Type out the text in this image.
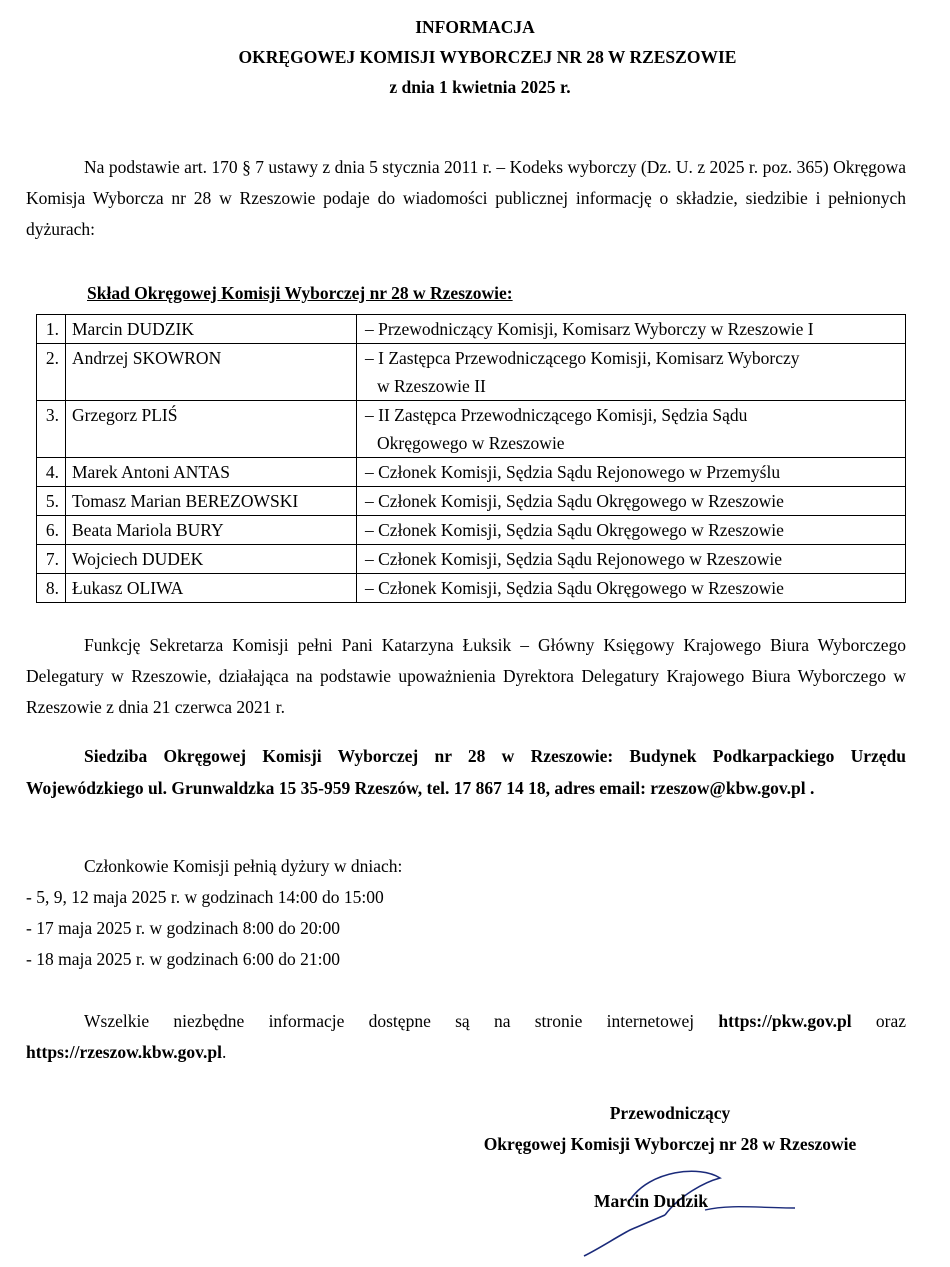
INFORMACJA
OKRĘGOWEJ KOMISJI WYBORCZEJ NR 28 W RZESZOWIE
z dnia 1 kwietnia 2025 r.
Na podstawie art. 170 § 7 ustawy z dnia 5 stycznia 2011 r. – Kodeks wyborczy (Dz. U. z 2025 r. poz. 365) Okręgowa Komisja Wyborcza nr 28 w Rzeszowie podaje do wiadomości publicznej informację o składzie, siedzibie i pełnionych dyżurach:
Skład Okręgowej Komisji Wyborczej nr 28 w Rzeszowie:
1.	Marcin DUDZIK	– Przewodniczący Komisji, Komisarz Wyborczy w Rzeszowie I
2.	Andrzej SKOWRON	– I Zastępca Przewodniczącego Komisji, Komisarz Wyborczy
w Rzeszowie II

3.	Grzegorz PLIŚ	– II Zastępca Przewodniczącego Komisji, Sędzia Sądu
Okręgowego w Rzeszowie

4.	Marek Antoni ANTAS	– Członek Komisji, Sędzia Sądu Rejonowego w Przemyślu
5.	Tomasz Marian BEREZOWSKI	– Członek Komisji, Sędzia Sądu Okręgowego w Rzeszowie
6.	Beata Mariola BURY	– Członek Komisji, Sędzia Sądu Okręgowego w Rzeszowie
7.	Wojciech DUDEK	– Członek Komisji, Sędzia Sądu Rejonowego w Rzeszowie
8.	Łukasz OLIWA	– Członek Komisji, Sędzia Sądu Okręgowego w Rzeszowie
Funkcję Sekretarza Komisji pełni Pani Katarzyna Łuksik – Główny Księgowy Krajowego Biura Wyborczego Delegatury w Rzeszowie, działająca na podstawie upoważnienia Dyrektora Delegatury Krajowego Biura Wyborczego w Rzeszowie z dnia 21 czerwca 2021 r.
Siedziba Okręgowej Komisji Wyborczej nr 28 w Rzeszowie: Budynek Podkarpackiego Urzędu Wojewódzkiego ul. Grunwaldzka 15 35-959 Rzeszów, tel. 17 867 14 18, adres email: rzeszow@kbw.gov.pl .
Członkowie Komisji pełnią dyżury w dniach:
- 5, 9, 12 maja 2025 r. w godzinach 14:00 do 15:00
- 17 maja 2025 r. w godzinach 8:00 do 20:00
- 18 maja 2025 r. w godzinach 6:00 do 21:00
Wszelkie niezbędne informacje dostępne są na stronie internetowej https://pkw.gov.pl oraz https://rzeszow.kbw.gov.pl.
Przewodniczący
Okręgowej Komisji Wyborczej nr 28 w Rzeszowie
Marcin Dudzik
